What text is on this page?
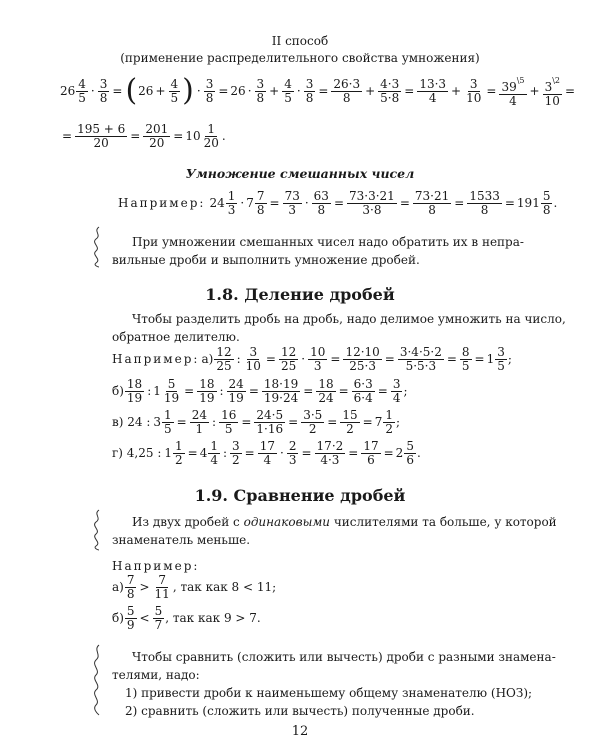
II способ
(применение распределительного свойства умножения)
$26 \frac{4}{5} \cdot \frac{3}{8}$ = ( $26 + \frac{4}{5}$ ) · $\frac{3}{8} = 26 \cdot \frac{3}{8} + \frac{4}{5} \cdot \frac{3}{8} = \frac{26\cdot 3}{8} + \frac{4\cdot 3}{5\cdot 8} = \frac{13\cdot 3}{4} + \frac{3}{10} = \frac{39^{\backslash 5}}{4} + \frac{3^{\backslash 2}}{10}$ =
= $\frac{195 + 6}{20} = \frac{201}{20} = 10 \frac{1}{20}$ .
Умножение смешанных чисел
Например: $24 \frac{1}{3} \cdot 7 \frac{7}{8} = \frac{73}{3} \cdot \frac{63}{8} = \frac{73\cdot 3\cdot 21}{3\cdot 8} = \frac{73\cdot 21}{8} = \frac{1533}{8} = 191 \frac{5}{8}$ .
При умножении смешанных чисел надо обратить их в непра-
вильные дроби и выполнить умножение дробей.
1.8. Деление дробей
Чтобы разделить дробь на дробь, надо делимое умножить на число,
обратное делителю.
Например: $а) \frac{12}{25}$ : $\frac{3}{10} = \frac{12}{25} \cdot \frac{10}{3} = \frac{12\cdot 10}{25\cdot 3} = \frac{3\cdot 4\cdot 5\cdot 2}{5\cdot 5\cdot 3} = \frac{8}{5} = 1 \frac{3}{5}$ ;
$б) \frac{18}{19}$ : $1 \frac{5}{19} = \frac{18}{19}$ : $\frac{24}{19} = \frac{18\cdot 19}{19\cdot 24} = \frac{18}{24} = \frac{6\cdot 3}{6\cdot 4} = \frac{3}{4}$ ;
в) 24 : $3 \frac{1}{5} = \frac{24}{1}$ : $\frac{16}{5} = \frac{24\cdot 5}{1\cdot 16} = \frac{3\cdot 5}{2} = \frac{15}{2} = 7 \frac{1}{2}$ ;
г) 4,25 : $1 \frac{1}{2} = 4 \frac{1}{4}$ : $\frac{3}{2} = \frac{17}{4} \cdot \frac{2}{3} = \frac{17\cdot 2}{4\cdot 3} = \frac{17}{6} = 2 \frac{5}{6}$ .
1.9. Сравнение дробей
Из двух дробей с одинаковыми числителями та больше, у которой
знаменатель меньше.
Например:
$а) \frac{7}{8} > \frac{7}{11}$ , так как 8 < 11;
$б) \frac{5}{9} < \frac{5}{7}$ , так как 9 > 7.
Чтобы сравнить (сложить или вычесть) дроби с разными знамена-
телями, надо:
1) привести дроби к наименьшему общему знаменателю (НОЗ);
2) сравнить (сложить или вычесть) полученные дроби.
12
